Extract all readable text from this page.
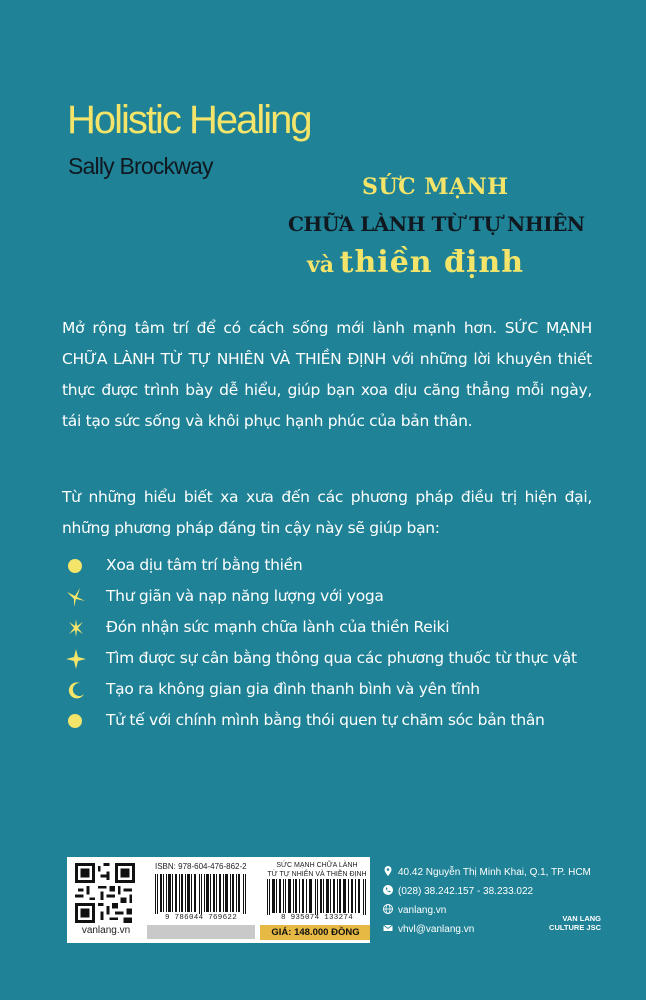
Holistic Healing
Sally Brockway
SỨC MẠNH
CHỮA LÀNH TỪ TỰ NHIÊN
và thiền định

Mở rộng tâm trí để có cách sống mới lành mạnh hơn. SỨC MẠNH CHỮA LÀNH TỪ TỰ NHIÊN VÀ THIỀN ĐỊNH với những lời khuyên thiết thực được trình bày dễ hiểu, giúp bạn xoa dịu căng thẳng mỗi ngày, tái tạo sức sống và khôi phục hạnh phúc của bản thân.

Từ những hiểu biết xa xưa đến các phương pháp điều trị hiện đại, những phương pháp đáng tin cậy này sẽ giúp bạn:

Xoa dịu tâm trí bằng thiền
Thư giãn và nạp năng lượng với yoga
Đón nhận sức mạnh chữa lành của thiền Reiki
Tìm được sự cân bằng thông qua các phương thuốc từ thực vật
Tạo ra không gian gia đình thanh bình và yên tĩnh
Tử tế với chính mình bằng thói quen tự chăm sóc bản thân
vanlang.vn
ISBN: 978-604-476-862-2
9 786044 769622
SỨC MẠNH CHỮA LÀNH
TỪ TỰ NHIÊN VÀ THIỀN ĐỊNH
8 935074 133274
GIÁ: 148.000 ĐỒNG
40.42 Nguyễn Thị Minh Khai, Q.1, TP. HCM
(028) 38.242.157 - 38.233.022
vanlang.vn
vhvl@vanlang.vn
VAN LANG
CULTURE JSC
